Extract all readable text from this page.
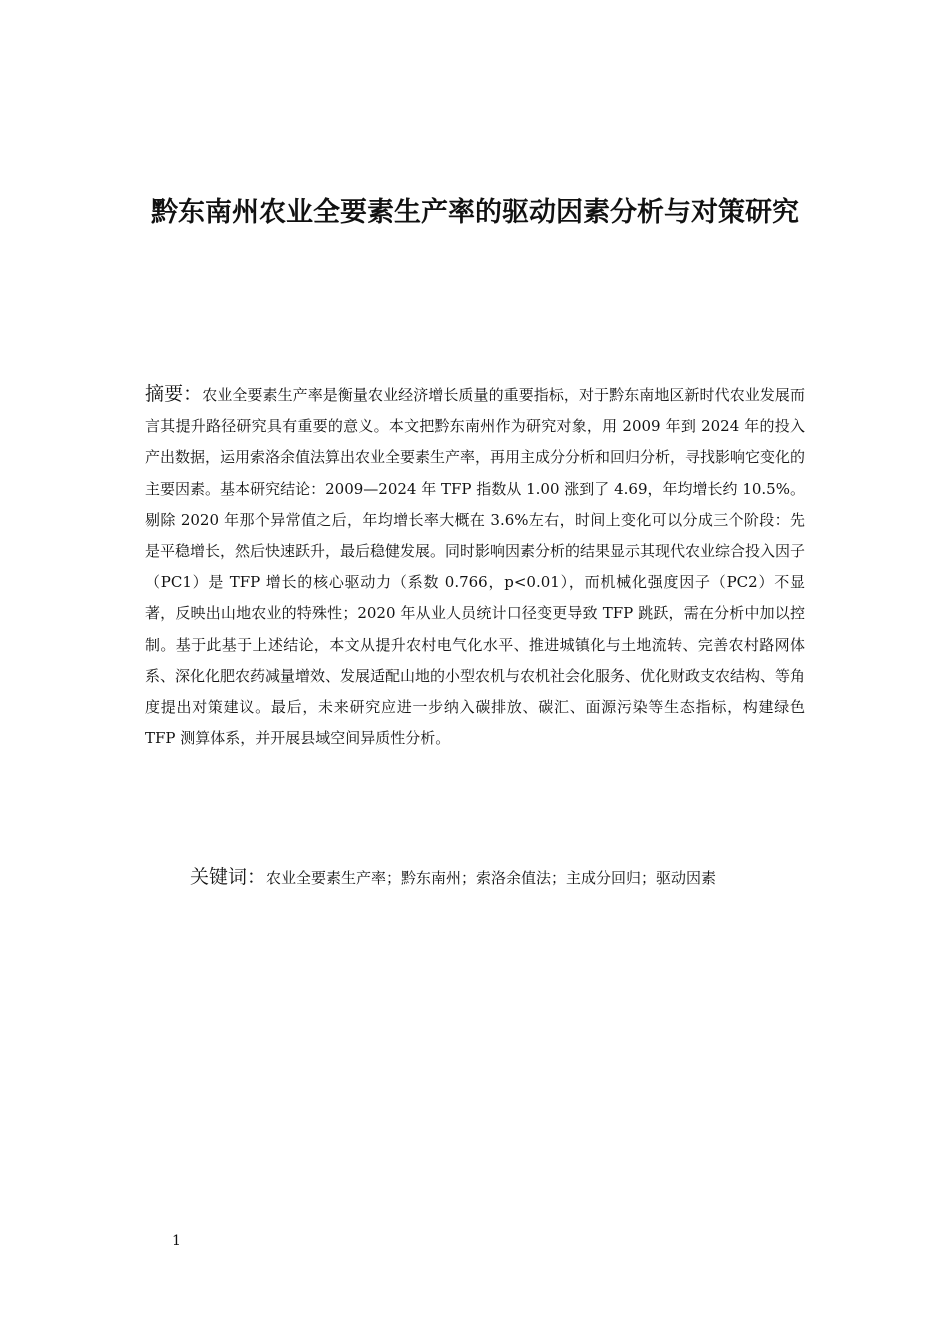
黔东南州农业全要素生产率的驱动因素分析与对策研究

摘要：农业全要素生产率是衡量农业经济增长质量的重要指标，对于黔东南地区新时代农业发展而言其提升路径研究具有重要的意义。本文把黔东南州作为研究对象，用 2009 年到 2024 年的投入产出数据，运用索洛余值法算出农业全要素生产率，再用主成分分析和回归分析，寻找影响它变化的主要因素。基本研究结论：2009—2024 年 TFP 指数从 1.00 涨到了 4.69，年均增长约 10.5%。剔除 2020 年那个异常值之后，年均增长率大概在 3.6%左右，时间上变化可以分成三个阶段：先是平稳增长，然后快速跃升，最后稳健发展。同时影响因素分析的结果显示其现代农业综合投入因子（PC1）是 TFP 增长的核心驱动力（系数 0.766，p<0.01），而机械化强度因子（PC2）不显著，反映出山地农业的特殊性；2020 年从业人员统计口径变更导致 TFP 跳跃，需在分析中加以控制。基于此基于上述结论，本文从提升农村电气化水平、推进城镇化与土地流转、完善农村路网体系、深化化肥农药减量增效、发展适配山地的小型农机与农机社会化服务、优化财政支农结构、等角度提出对策建议。最后，未来研究应进一步纳入碳排放、碳汇、面源污染等生态指标，构建绿色 TFP 测算体系，并开展县域空间异质性分析。

关键词：农业全要素生产率；黔东南州；索洛余值法；主成分回归；驱动因素

1
